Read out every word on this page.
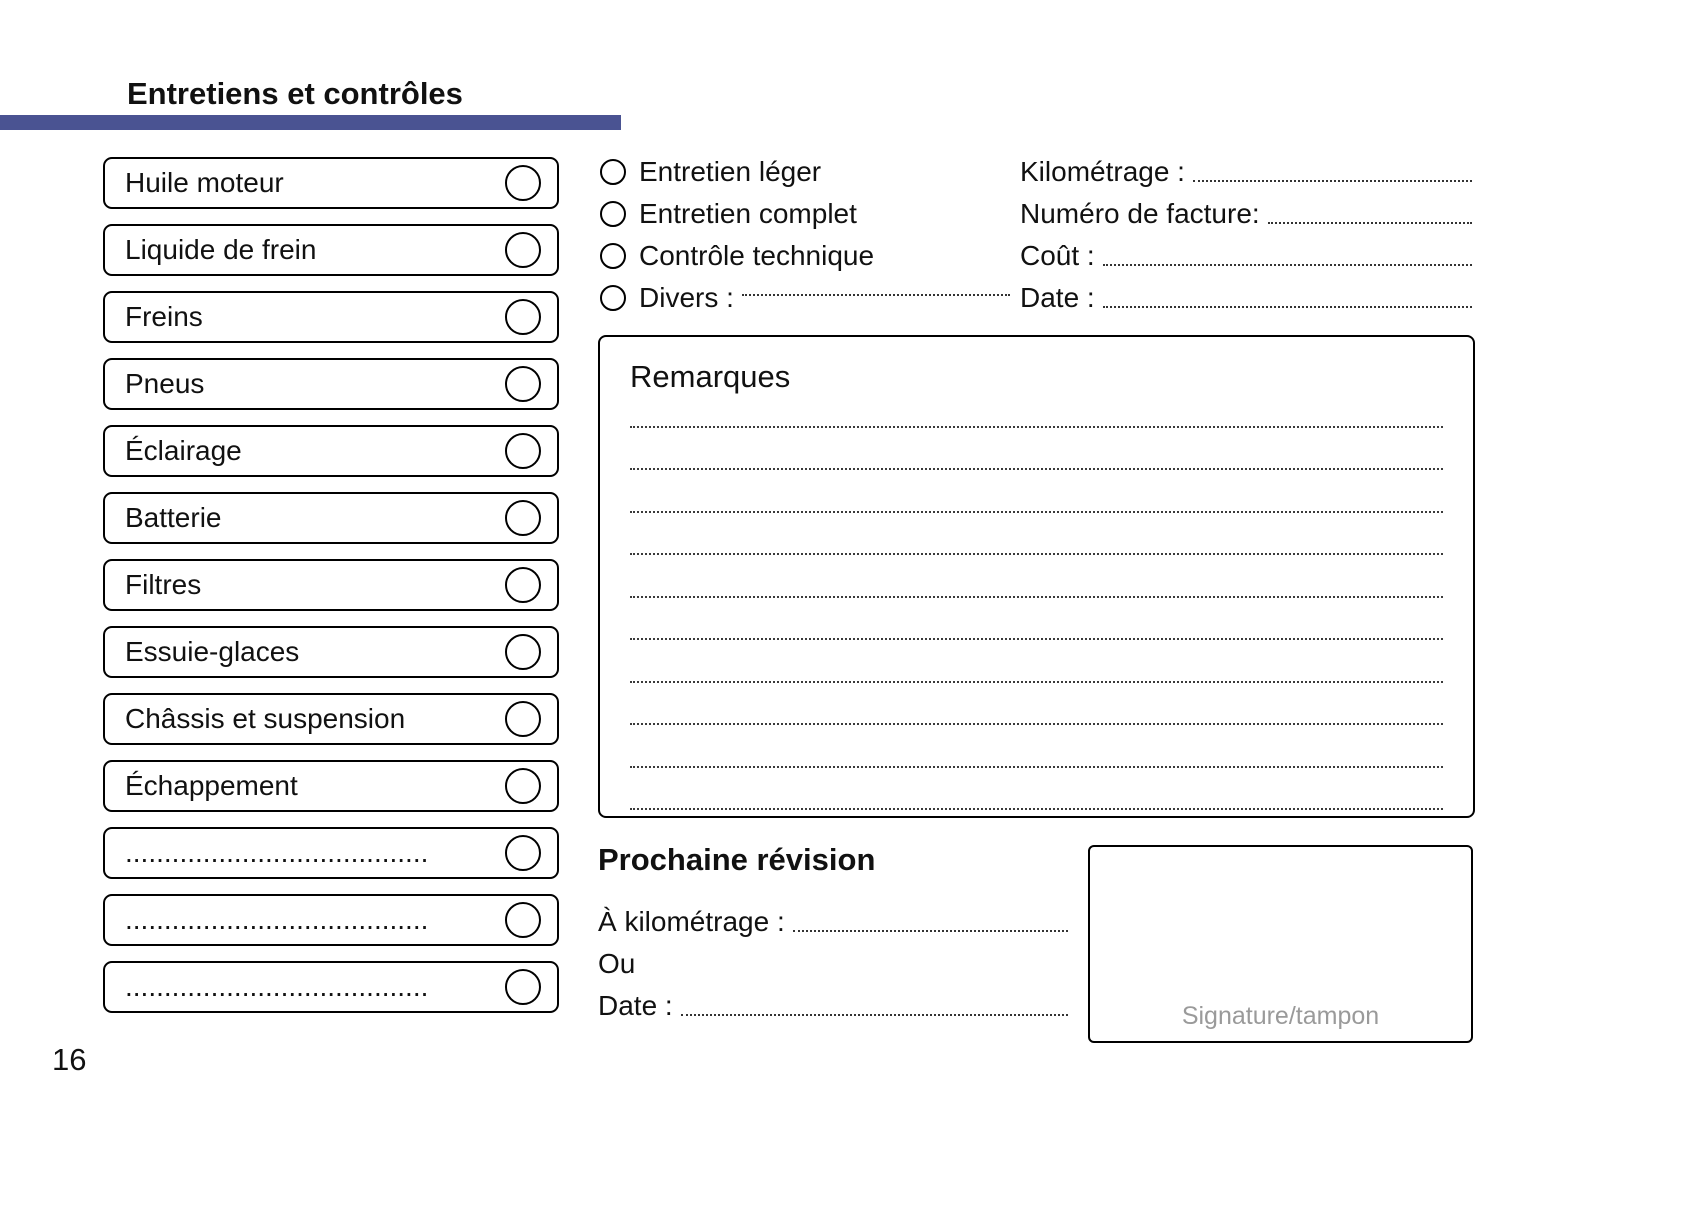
Entretiens et contrôles
Huile moteur
Liquide de frein
Freins
Pneus
Éclairage
Batterie
Filtres
Essuie-glaces
Châssis et suspension
Échappement
.......................................
.......................................
.......................................
Entretien léger
Entretien complet
Contrôle technique
Divers :
Kilométrage :
Numéro de facture:
Coût :
Date :
Remarques
Prochaine révision
À kilométrage :
Ou
Date :	Signature/tampon
16
